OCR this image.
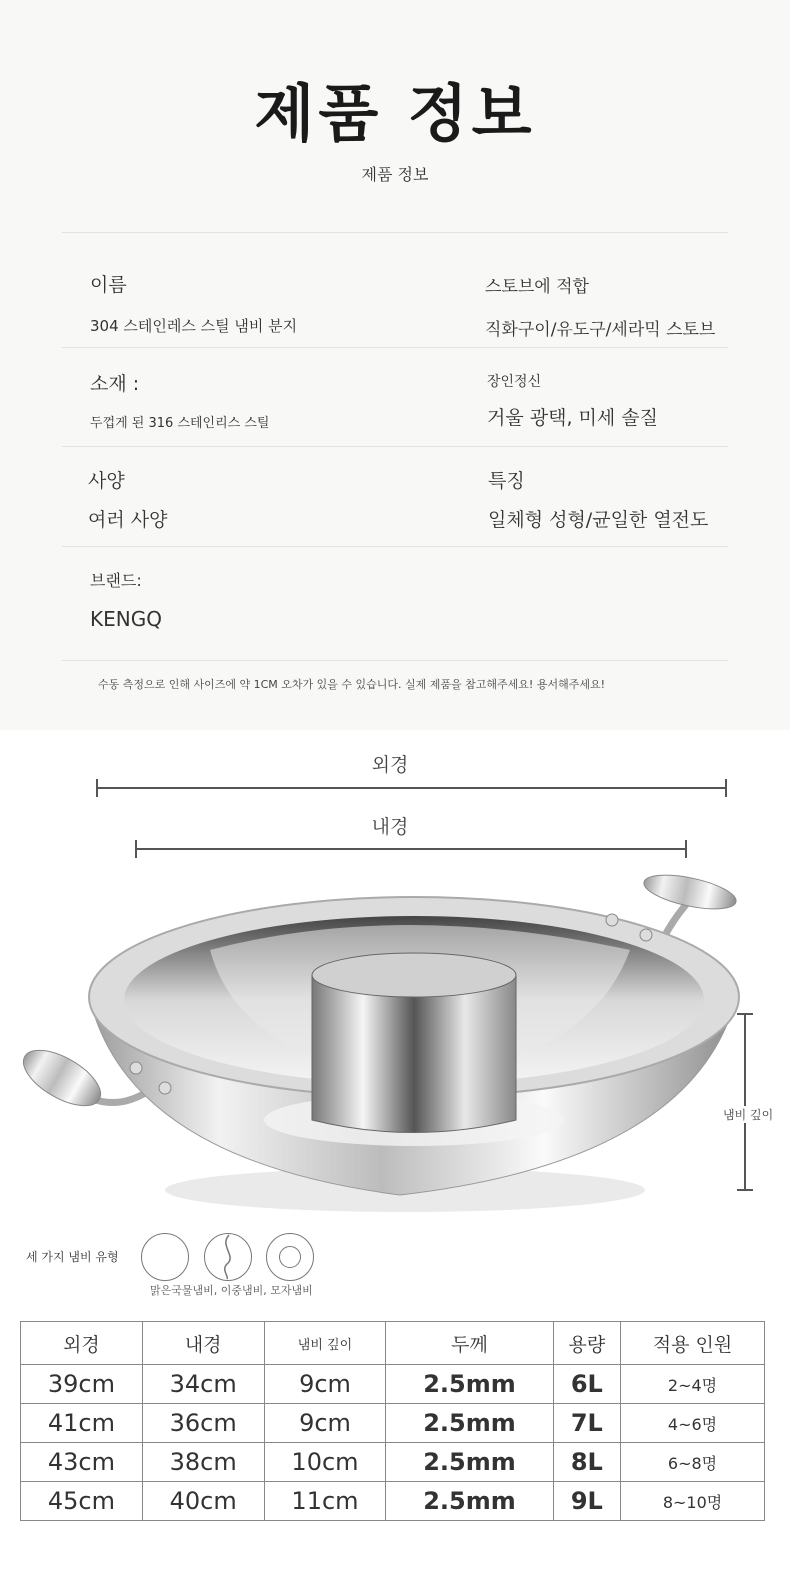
제품 정보
제품 정보
이름
304 스테인레스 스틸 냄비 분지
스토브에 적합
직화구이/유도구/세라믹 스토브
소재 :
두껍게 된 316 스테인리스 스틸
장인정신
거울 광택, 미세 솔질
사양
여러 사양
특징
일체형 성형/균일한 열전도
브랜드:
KENGQ
수동 측정으로 인해 사이즈에 약 1CM 오차가 있을 수 있습니다. 실제 제품을 참고해주세요! 용서해주세요!
외경
내경
냄비 깊이
세 가지 냄비 유형
맑은국물냄비, 이중냄비, 모자냄비
외경	내경	냄비 깊이	두께	용량	적용 인원
39cm	34cm	9cm	2.5mm	6L	2~4명
41cm	36cm	9cm	2.5mm	7L	4~6명
43cm	38cm	10cm	2.5mm	8L	6~8명
45cm	40cm	11cm	2.5mm	9L	8~10명
